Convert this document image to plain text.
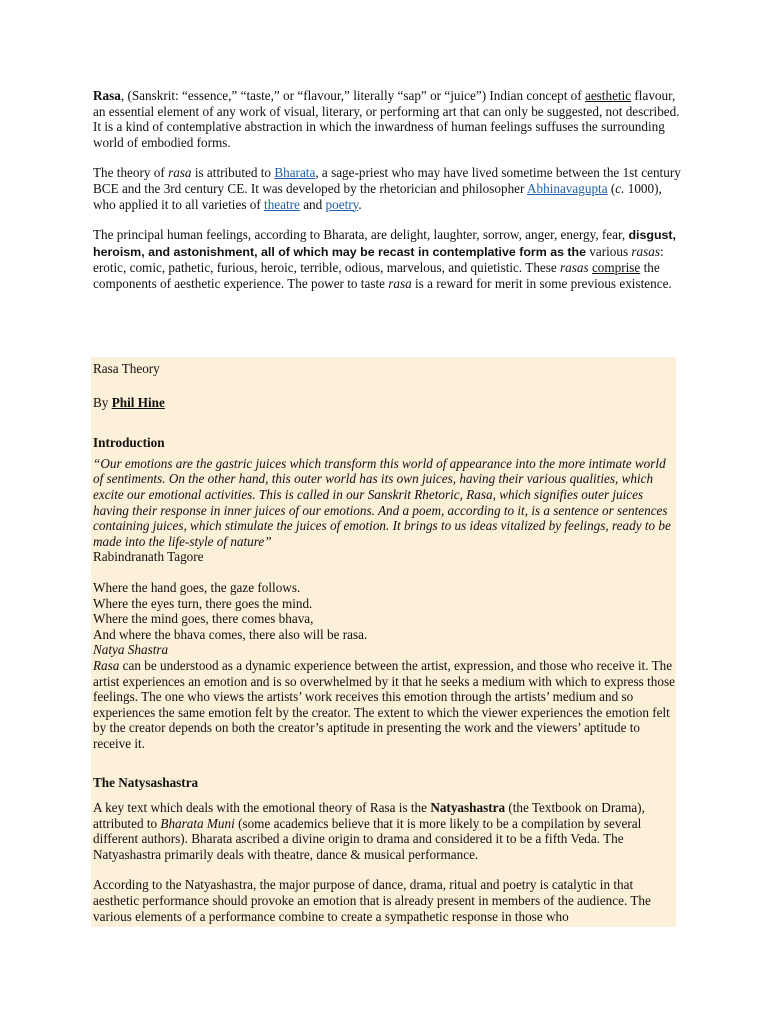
Rasa, (Sanskrit: “essence,” “taste,” or “flavour,” literally “sap” or “juice”) Indian concept of aesthetic flavour, an essential element of any work of visual, literary, or performing art that can only be suggested, not described. It is a kind of contemplative abstraction in which the inwardness of human feelings suffuses the surrounding world of embodied forms.

The theory of rasa is attributed to Bharata, a sage-priest who may have lived sometime between the 1st century BCE and the 3rd century CE. It was developed by the rhetorician and philosopher Abhinavagupta (c. 1000), who applied it to all varieties of theatre and poetry.

The principal human feelings, according to Bharata, are delight, laughter, sorrow, anger, energy, fear, disgust, heroism, and astonishment, all of which may be recast in contemplative form as the various rasas: erotic, comic, pathetic, furious, heroic, terrible, odious, marvelous, and quietistic. These rasas comprise the components of aesthetic experience. The power to taste rasa is a reward for merit in some previous existence.

Rasa Theory

By Phil Hine

Introduction

“Our emotions are the gastric juices which transform this world of appearance into the more intimate world of sentiments. On the other hand, this outer world has its own juices, having their various qualities, which excite our emotional activities. This is called in our Sanskrit Rhetoric, Rasa, which signifies outer juices having their response in inner juices of our emotions. And a poem, according to it, is a sentence or sentences containing juices, which stimulate the juices of emotion. It brings to us ideas vitalized by feelings, ready to be made into the life-style of nature”

Rabindranath Tagore

Where the hand goes, the gaze follows.

Where the eyes turn, there goes the mind.

Where the mind goes, there comes bhava,

And where the bhava comes, there also will be rasa.

Natya Shastra

Rasa can be understood as a dynamic experience between the artist, expression, and those who receive it. The artist experiences an emotion and is so overwhelmed by it that he seeks a medium with which to express those feelings. The one who views the artists’ work receives this emotion through the artists’ medium and so experiences the same emotion felt by the creator. The extent to which the viewer experiences the emotion felt by the creator depends on both the creator’s aptitude in presenting the work and the viewers’ aptitude to receive it.

The Natysashastra

A key text which deals with the emotional theory of Rasa is the Natyashastra (the Textbook on Drama), attributed to Bharata Muni (some academics believe that it is more likely to be a compilation by several different authors). Bharata ascribed a divine origin to drama and considered it to be a fifth Veda. The Natyashastra primarily deals with theatre, dance & musical performance.

According to the Natyashastra, the major purpose of dance, drama, ritual and poetry is catalytic in that aesthetic performance should provoke an emotion that is already present in members of the audience. The various elements of a performance combine to create a sympathetic response in those who
